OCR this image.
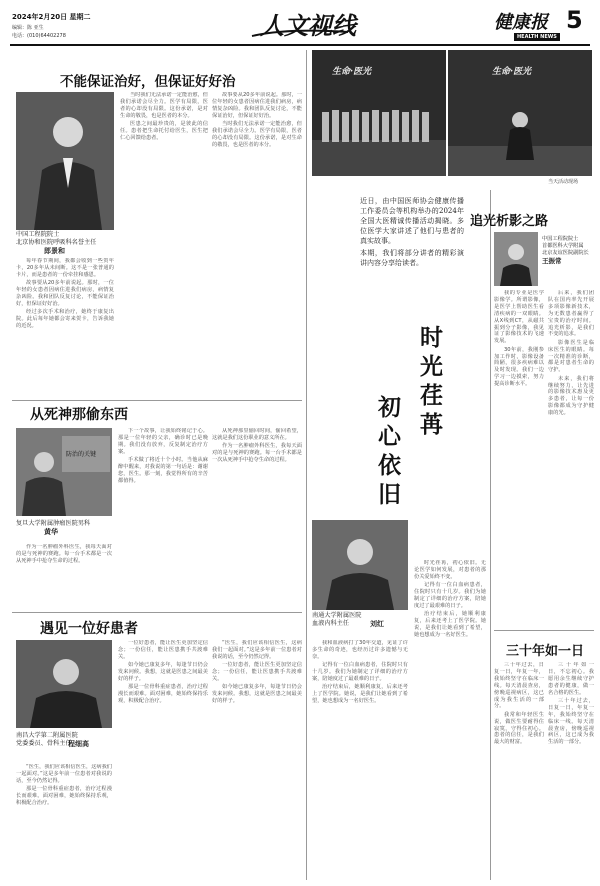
2024年2月20日 星期二
编辑：陈 亚生
电话：(010)64402278	人文视线	健康报
HEALTH NEWS
5
不能保证治好，但保证好好治
中国工程院院士
北京协和医院呼吸科名誉主任
郎景和

每年春节期间，我都会收到一些贺年卡，20多年从未间断。这不是一张普通的卡片，而是患者的一份牵挂和感恩。

故事要从20多年前说起。那时，一位年轻的女患者因病住进我们病房，病情复杂凶险。我和团队反复讨论，不能保证治好，但保证好好治。

经过多次手术和治疗，她终于康复出院。此后每年她都会寄来贺卡，告诉我她的近况。

当时我们无法承诺一定能治愈，但我们承诺会尽全力。医学有局限，医者的心却没有局限。这份承诺，是对生命的敬畏，也是医者的本分。

医患之间最珍贵的，是彼此的信任。患者把生命托付给医生，医生把仁心回馈给患者。

故事要从20多年前说起。那时，一位年轻的女患者因病住进我们病房，病情复杂凶险。我和团队反复讨论，不能保证治好，但保证好好治。

当时我们无法承诺一定能治愈，但我们承诺会尽全力。医学有局限，医者的心却没有局限。这份承诺，是对生命的敬畏，也是医者的本分。

从死神那偷东西
防治的关键
复旦大学附属肿瘤医院男科
黄华

作为一名肿瘤外科医生，我每天面对的是与死神的赛跑。每一台手术都是一次从死神手中抢夺生命的过程。

下一个故事，让我始终铭记于心。那是一位年轻的父亲，确诊时已是晚期。我们没有放弃，反复制定治疗方案。

手术做了将近十个小时。当他从麻醉中醒来，对我说的第一句话是：谢谢您，医生。那一刻，我觉得所有的辛苦都值得。

从死神那里偷回时间，偷回希望，这就是我们这份职业的意义所在。

作为一名肿瘤外科医生，我每天面对的是与死神的赛跑。每一台手术都是一次从死神手中抢夺生命的过程。

遇见一位好患者
南昌大学第二附属医院
党委委员、骨科主任
程细高

“医生，我们应该相信医生，这病我们一起面对。”这是多年前一位患者对我说的话，至今仍然记得。

那是一位骨科重症患者，治疗过程漫长而艰难。面对困难，她始终保持乐观，积极配合治疗。

一位好患者，能让医生更加坚定信念；一份信任，能让医患携手共渡难关。

如今她已康复多年，每逢节日仍会发来问候。我想，这就是医患之间最美好的样子。

那是一位骨科重症患者，治疗过程漫长而艰难。面对困难，她始终保持乐观，积极配合治疗。

“医生，我们应该相信医生，这病我们一起面对。”这是多年前一位患者对我说的话，至今仍然记得。

一位好患者，能让医生更加坚定信念；一份信任，能让医患携手共渡难关。

如今她已康复多年，每逢节日仍会发来问候。我想，这就是医患之间最美好的样子。

生命·医光	生命·医光
当天活动现场
近日，由中国医师协会健康传播工作委员会等机构举办的2024年全国大医精诚传播活动揭晓。多位医学大家讲述了他们与患者的真实故事。
本期，我们将部分讲者的精彩演讲内容分享给读者。
时光荏苒
初心依旧
南通大学附属医院
血液内科主任	刘红

我和血液病打了30年交道，见证了许多生命的奇迹，也经历过许多遗憾与无奈。

记得有一位白血病患者，住院时只有十几岁。我们为她制定了详细的治疗方案，陪她度过了最艰难的日子。

治疗结束后，她顺利康复，后来还考上了医学院。她说，是我们让她看到了希望，她也想成为一名好医生。

时光荏苒，初心依旧。无论医学如何发展，对患者的那份关爱始终不变。

记得有一位白血病患者，住院时只有十几岁。我们为她制定了详细的治疗方案，陪她度过了最艰难的日子。

治疗结束后，她顺利康复，后来还考上了医学院。她说，是我们让她看到了希望，她也想成为一名好医生。

追光析影之路
中国工程院院士
首都医科大学附属
北京友谊医院副院长
王振常

我的专业是医学影像学。所谓影像，是医学上帮助医生看清疾病的一双眼睛。从X线到CT，从磁共振到分子影像，我见证了影像技术的飞速发展。

30年前，我刚参加工作时，影像设备简陋，很多疾病难以及时发现。我们一边学习一边摸索，努力提高诊断水平。

后来，我们团队在国内率先开展多项影像新技术，为无数患者赢得了宝贵的治疗时间。追光析影，是我们不变的追求。

影像医生是临床医生的眼睛。每一次精准的诊断，都是对患者生命的守护。

未来，我们将继续努力，让先进的影像技术惠及更多患者，让每一份影像都成为守护健康的光。

三十年如一日

三十年过去，日复一日，年复一年，我始终坚守在临床一线。每天清晨查房，傍晚巡视病区，这已成为我生活的一部分。

我常和年轻医生说，做医生要耐得住寂寞，守得住初心。患者的信任，是我们最大的财富。

三十年如一日，不忘初心。我愿用余生继续守护患者的健康，做一名合格的医生。

三十年过去，日复一日，年复一年，我始终坚守在临床一线。每天清晨查房，傍晚巡视病区，这已成为我生活的一部分。
